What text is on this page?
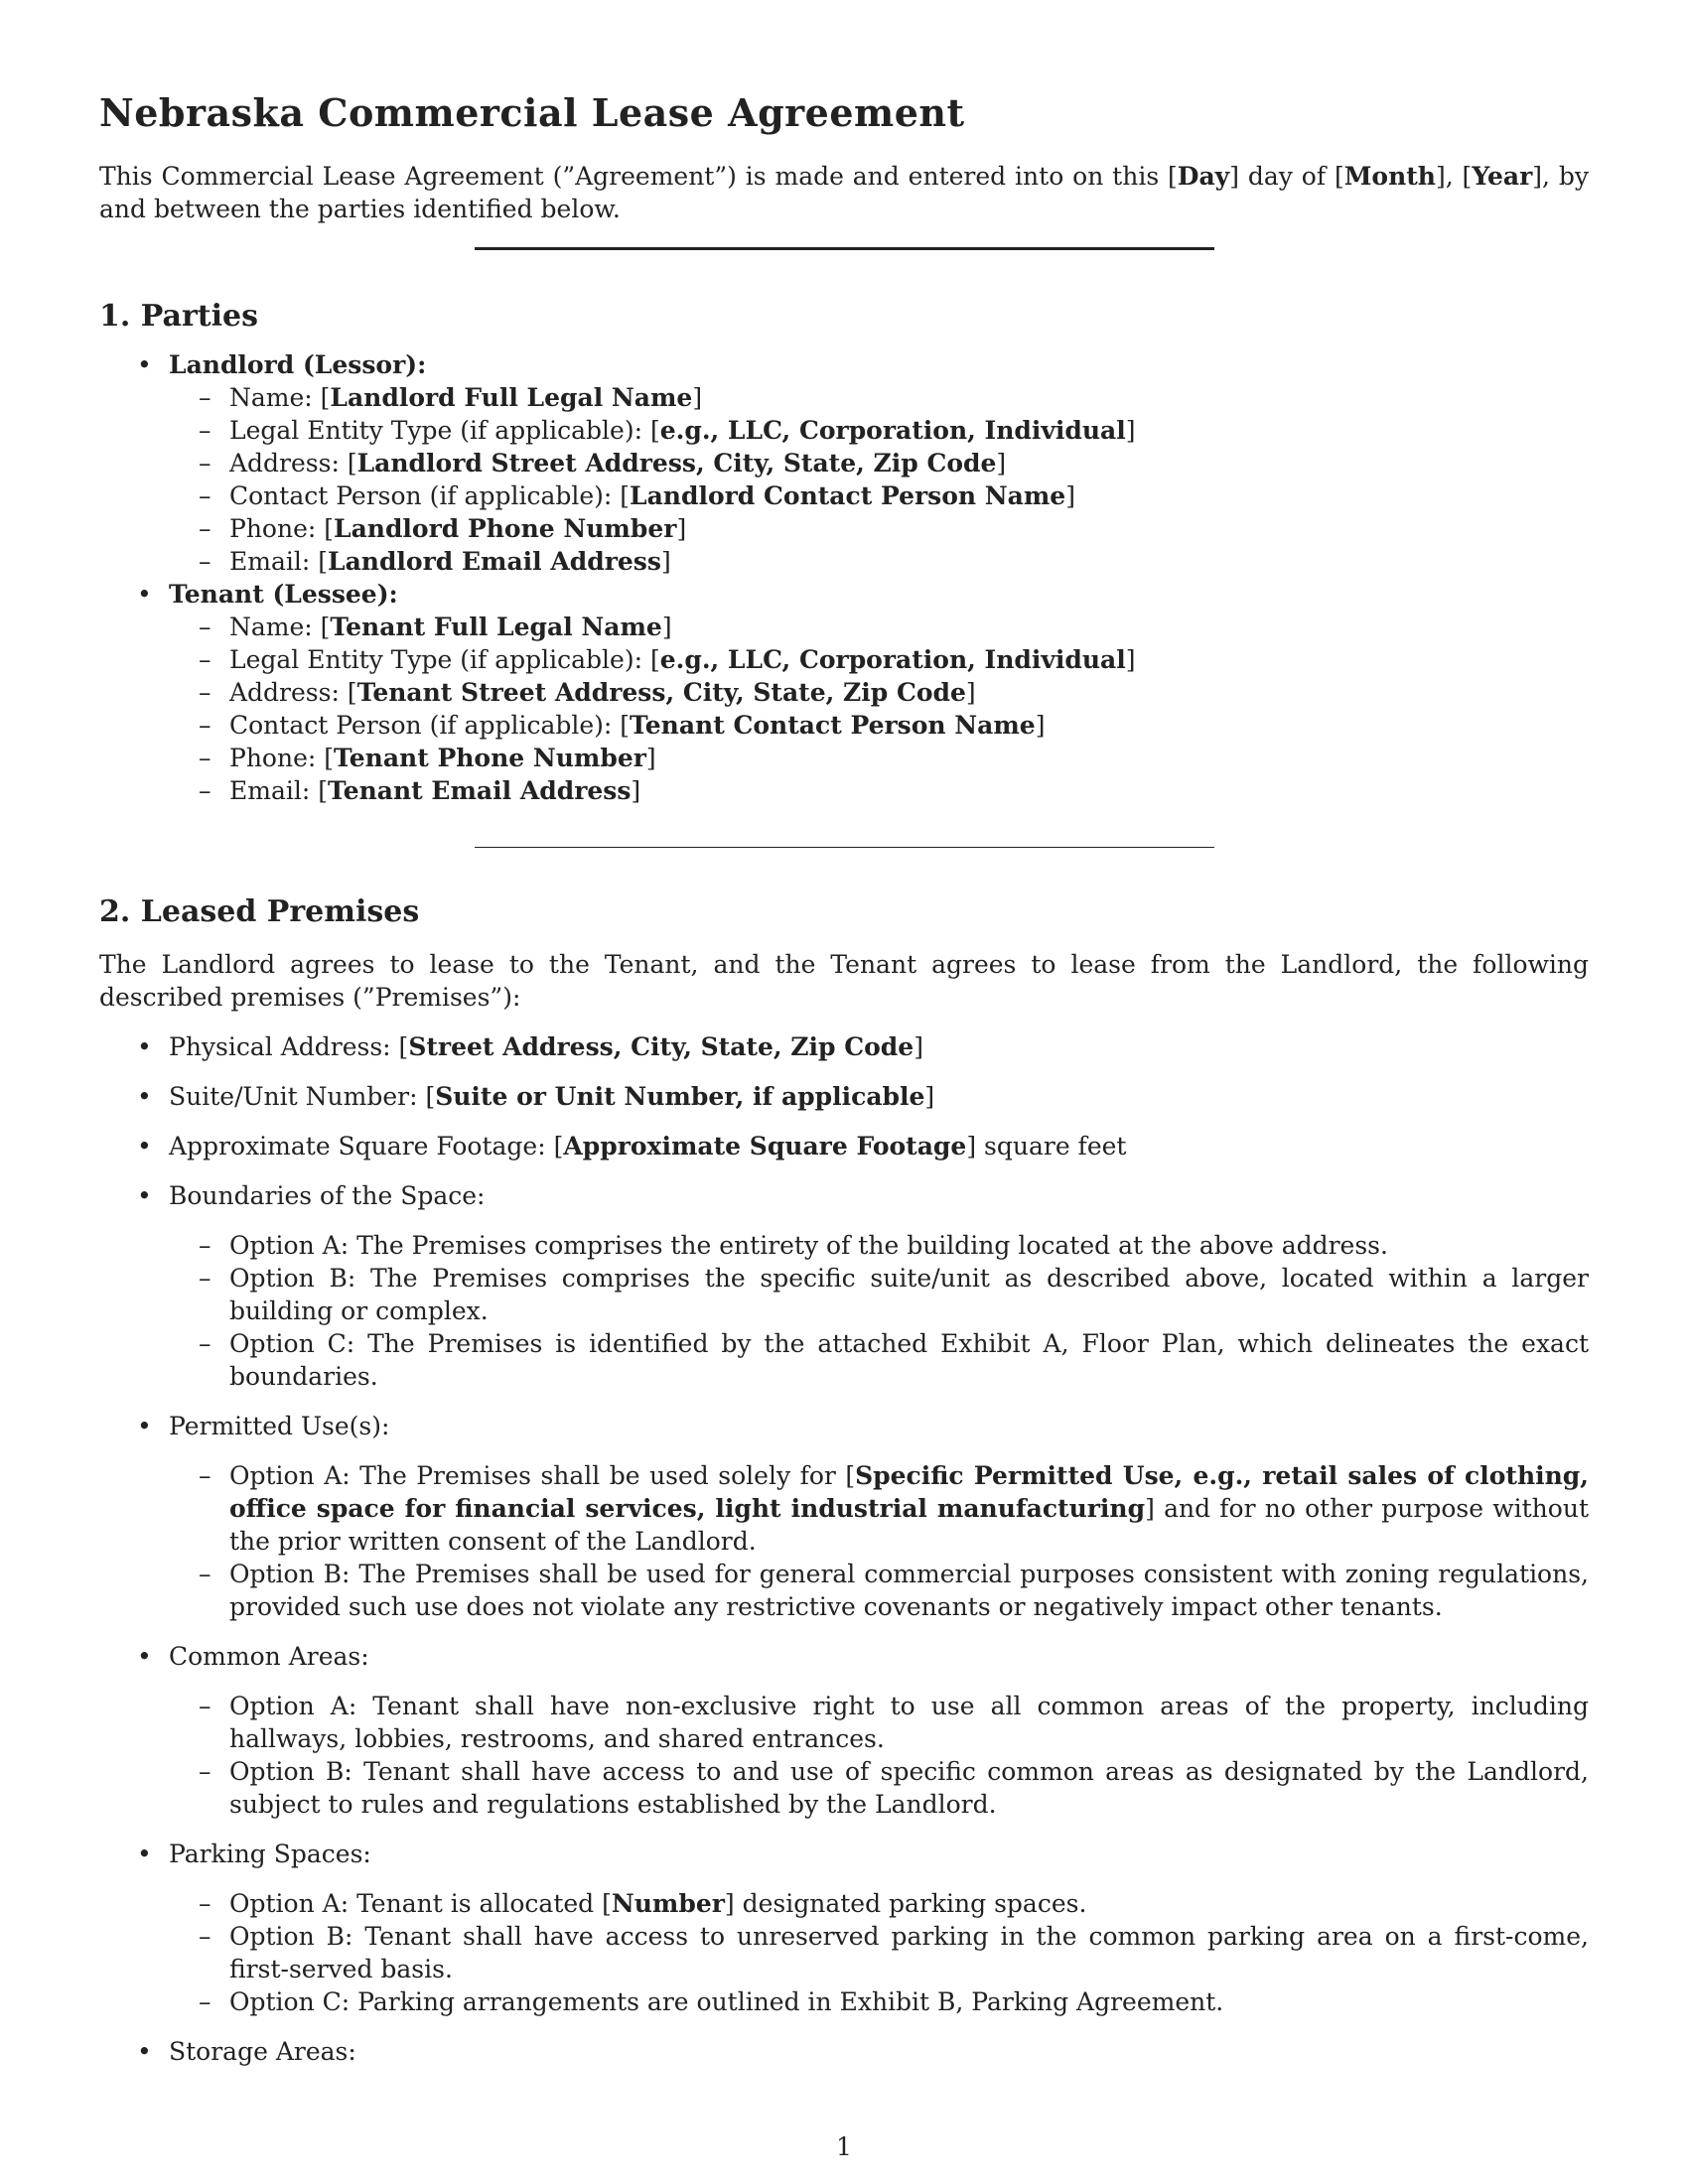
Nebraska Commercial Lease Agreement

This Commercial Lease Agreement (”Agreement”) is made and entered into on this [Day] day of [Month], [Year], by and between the parties identified below.

1. Parties
• Landlord (Lessor):
– Name: [Landlord Full Legal Name]
– Legal Entity Type (if applicable): [e.g., LLC, Corporation, Individual]
– Address: [Landlord Street Address, City, State, Zip Code]
– Contact Person (if applicable): [Landlord Contact Person Name]
– Phone: [Landlord Phone Number]
– Email: [Landlord Email Address]
• Tenant (Lessee):
– Name: [Tenant Full Legal Name]
– Legal Entity Type (if applicable): [e.g., LLC, Corporation, Individual]
– Address: [Tenant Street Address, City, State, Zip Code]
– Contact Person (if applicable): [Tenant Contact Person Name]
– Phone: [Tenant Phone Number]
– Email: [Tenant Email Address]
2. Leased Premises

The Landlord agrees to lease to the Tenant, and the Tenant agrees to lease from the Landlord, the following described premises (”Premises”):

• Physical Address: [Street Address, City, State, Zip Code]
• Suite/Unit Number: [Suite or Unit Number, if applicable]
• Approximate Square Footage: [Approximate Square Footage] square feet
• Boundaries of the Space:
– Option A: The Premises comprises the entirety of the building located at the above address.
– Option B: The Premises comprises the specific suite/unit as described above, located within a larger building or complex.
– Option C: The Premises is identified by the attached Exhibit A, Floor Plan, which delineates the exact boundaries.
• Permitted Use(s):
– Option A: The Premises shall be used solely for [Specific Permitted Use, e.g., retail sales of clothing, office space for financial services, light industrial manufacturing] and for no other purpose without the prior written consent of the Landlord.
– Option B: The Premises shall be used for general commercial purposes consistent with zoning regulations, provided such use does not violate any restrictive covenants or negatively impact other tenants.
• Common Areas:
– Option A: Tenant shall have non-exclusive right to use all common areas of the property, including hallways, lobbies, restrooms, and shared entrances.
– Option B: Tenant shall have access to and use of specific common areas as designated by the Landlord, subject to rules and regulations established by the Landlord.
• Parking Spaces:
– Option A: Tenant is allocated [Number] designated parking spaces.
– Option B: Tenant shall have access to unreserved parking in the common parking area on a first-come, first-served basis.
– Option C: Parking arrangements are outlined in Exhibit B, Parking Agreement.
• Storage Areas:
1
